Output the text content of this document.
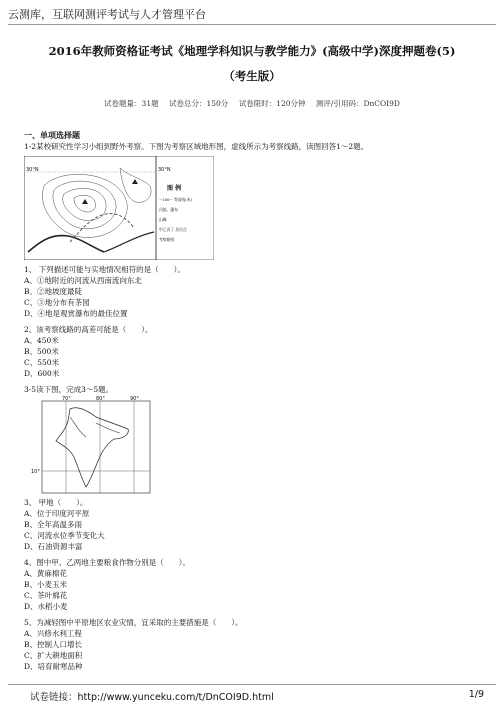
云测库，互联网测评考试与人才管理平台
2016年教师资格证考试《地理学科知识与教学能力》(高级中学)深度押题卷(5)
（考生版）
试卷题量：31题 试卷总分：150分 试卷限时：120分钟 测评/引用码：DnCOI9D
一、单项选择题
1-2某校研究性学习小组到野外考察。下图为考察区域地形图，虚线所示为考察线路，读图回答1～2题。
30°N	30°N
图 例
~100~ 等高线(米)
河流、瀑布
山峰
甲乙丙丁 居民点
考察路线
1、 下列描述可能与实地情况相符的是（　　）。
A、①地附近的河流从西南流向东北
B、②地坡度最陡
C、③地分布有茶园
D、④地是观赏瀑布的最佳位置
2、该考察线路的高差可能是（　　）。
A、450米
B、500米
C、550米
D、600米
3-5读下图，完成3～5题。
70°	80°	90°
10°
3、 甲地（　　）。
A、位于印度河平原
B、全年高温多雨
C、河流水位季节变化大
D、石油资源丰富
4、图中甲、乙两地主要粮食作物分别是（　　）。
A、黄麻棉花
B、小麦玉米
C、茶叶棉花
D、水稻小麦
5、为减轻图中平原地区农业灾情，宜采取的主要措施是（　　）。
A、兴修水利工程
B、控制人口增长
C、扩大耕地面积
D、培育耐寒品种
试卷链接：http://www.yunceku.com/t/DnCOI9D.html	1/9
